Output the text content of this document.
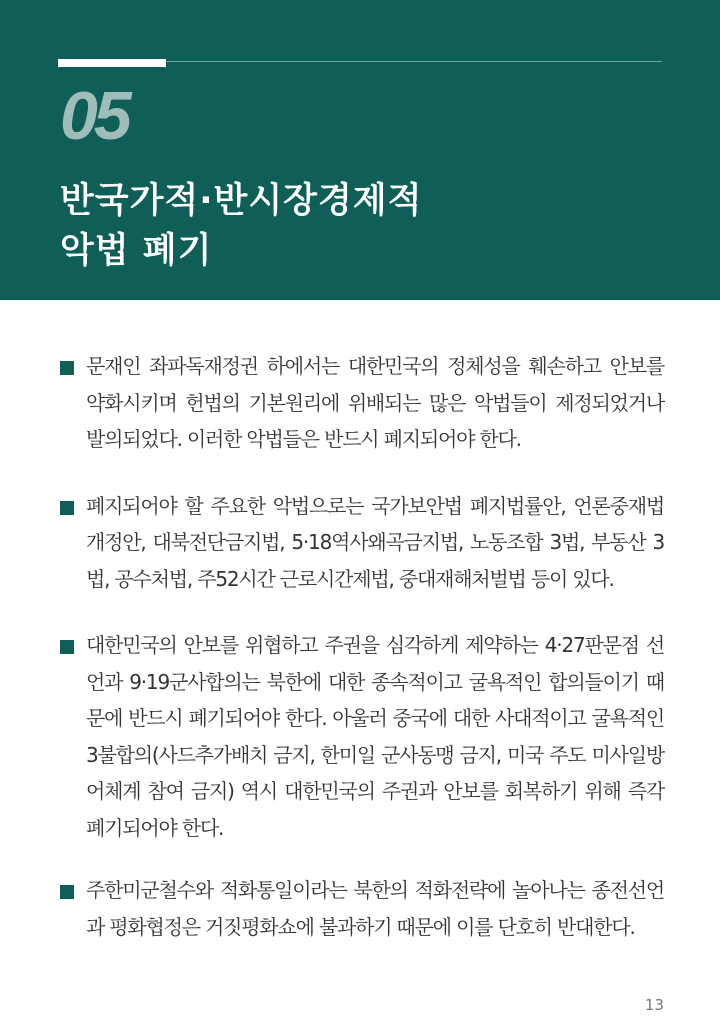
05
반국가적·반시장경제적
악법 폐기
문재인 좌파독재정권 하에서는 대한민국의 정체성을 훼손하고 안보를 약화시키며 헌법의 기본원리에 위배되는 많은 악법들이 제정되었거나 발의되었다. 이러한 악법들은 반드시 폐지되어야 한다.
폐지되어야 할 주요한 악법으로는 국가보안법 폐지법률안, 언론중재법 개정안, 대북전단금지법, 5·18역사왜곡금지법, 노동조합 3법, 부동산 3법, 공수처법, 주52시간 근로시간제법, 중대재해처벌법 등이 있다.
대한민국의 안보를 위협하고 주권을 심각하게 제약하는 4·27판문점 선언과 9·19군사합의는 북한에 대한 종속적이고 굴욕적인 합의들이기 때문에 반드시 폐기되어야 한다. 아울러 중국에 대한 사대적이고 굴욕적인 3불합의(사드추가배치 금지, 한미일 군사동맹 금지, 미국 주도 미사일방어체계 참여 금지) 역시 대한민국의 주권과 안보를 회복하기 위해 즉각 폐기되어야 한다.
주한미군철수와 적화통일이라는 북한의 적화전략에 놀아나는 종전선언과 평화협정은 거짓평화쇼에 불과하기 때문에 이를 단호히 반대한다.
13
